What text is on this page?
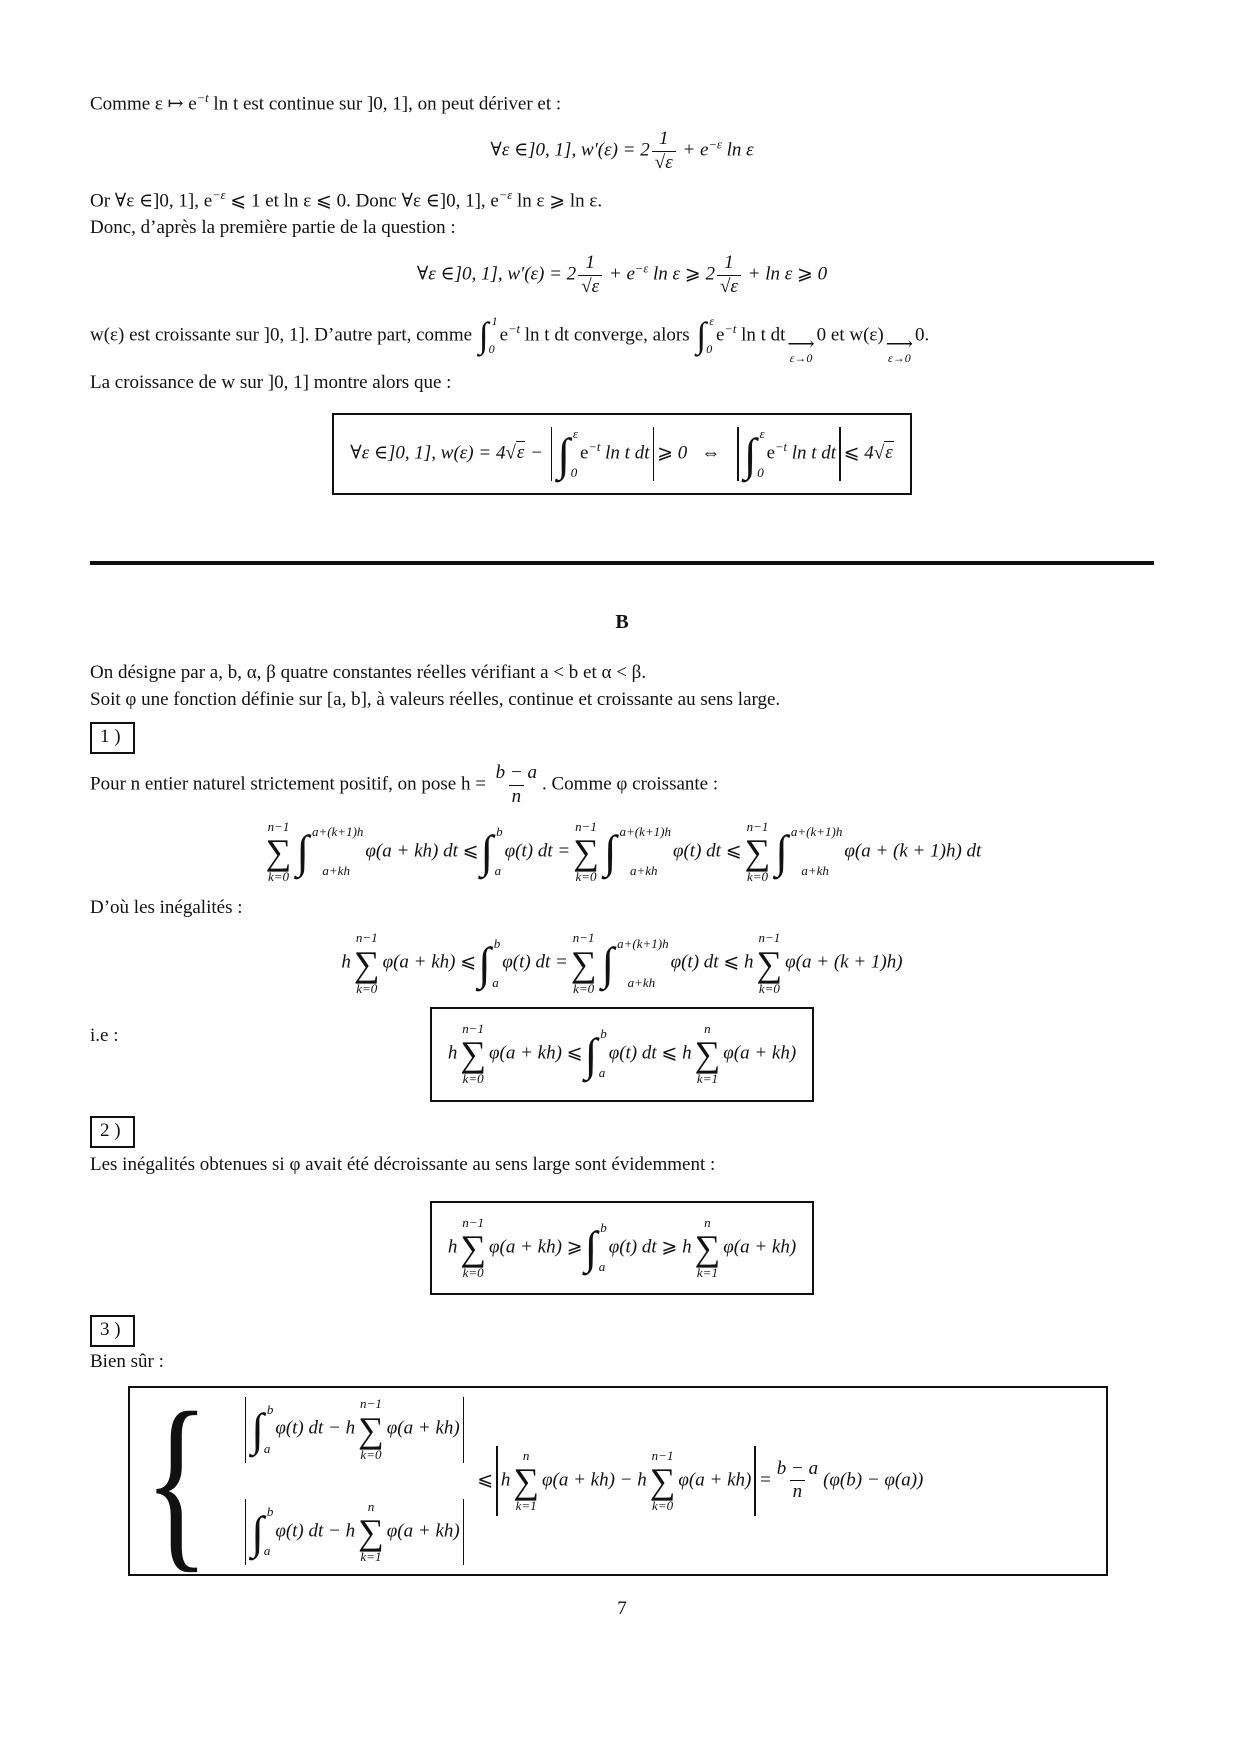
Comme ε ↦ $e^{-t}$ ln t est continue sur ]0, 1], on peut dériver et :

∀ε ∈]0, 1], $w'(\varepsilon) = 2 \frac{1}{√\varepsilon} + e^{-\varepsilon}$ ln ε

Or ∀ε ∈]0, 1], $e^{-\varepsilon}$ ⩽ 1 et ln ε ⩽ 0. Donc ∀ε ∈]0, 1], $e^{-\varepsilon}$ ln ε ⩾ ln ε.

Donc, d’après la première partie de la question :

∀ε ∈]0, 1], $w'(\varepsilon) = 2 \frac{1}{√\varepsilon} + e^{-\varepsilon}$ ln ε ⩾ $2 \frac{1}{√\varepsilon} + \ln \varepsilon$ ⩾ 0

w(ε) est croissante sur ]0, 1]. D’autre part, comme ∫ 1
0
$e^{-t}$ ln t dt converge, alors ∫ ε
0
$e^{-t}$ ln t dt ⟶
ε→0
0 et w(ε) ⟶
ε→0
0.

La croissance de w sur ]0, 1] montre alors que :

∀ε ∈]0, 1], w(ε) = 4√ε − ∫ ε
0
$e^{-t}$ ln t dt ⩾ 0 ⇔ ∫ ε
0
$e^{-t}$ ln t dt ⩽ 4√ε

B

On désigne par a, b, α, β quatre constantes réelles vérifiant a < b et α < β.

Soit φ une fonction définie sur [a, b], à valeurs réelles, continue et croissante au sens large.

1 )

Pour n entier naturel strictement positif, on pose $h = \frac{b - a}{n}$ . Comme φ croissante :

n−1
∑
k=0 ∫ a+(k+1)h
a+kh
φ(a + kh) dt ⩽ ∫ b
a
φ(t) dt =
n−1
∑
k=0 ∫ a+(k+1)h
a+kh
φ(t) dt ⩽
n−1
∑
k=0 ∫ a+(k+1)h
a+kh
φ(a + (k + 1)h) dt

D’où les inégalités :

h
n−1
∑
k=0
φ(a + kh) ⩽ ∫ b
a
φ(t) dt =
n−1
∑
k=0 ∫ a+(k+1)h
a+kh
φ(t) dt ⩽ h
n−1
∑
k=0
φ(a + (k + 1)h)
i.e :
h
n−1
∑
k=0
φ(a + kh) ⩽ ∫ b
a
φ(t) dt ⩽ h
n
∑
k=1
φ(a + kh)
2 )

Les inégalités obtenues si φ avait été décroissante au sens large sont évidemment :

h
n−1
∑
k=0
φ(a + kh) ⩾ ∫ b
a
φ(t) dt ⩾ h
n
∑
k=1
φ(a + kh)
3 )

Bien sûr :

{ ∫ b
a
φ(t) dt − h
n−1
∑
k=0
φ(a + kh)
∫ b
a
φ(t) dt − h
n
∑
k=1
φ(a + kh)
⩽ h
n
∑
k=1
φ(a + kh) − h
n−1
∑
k=0
$\varphi(a + kh) = \frac{b - a}{n} (\varphi(b) - \varphi(a))$

7
